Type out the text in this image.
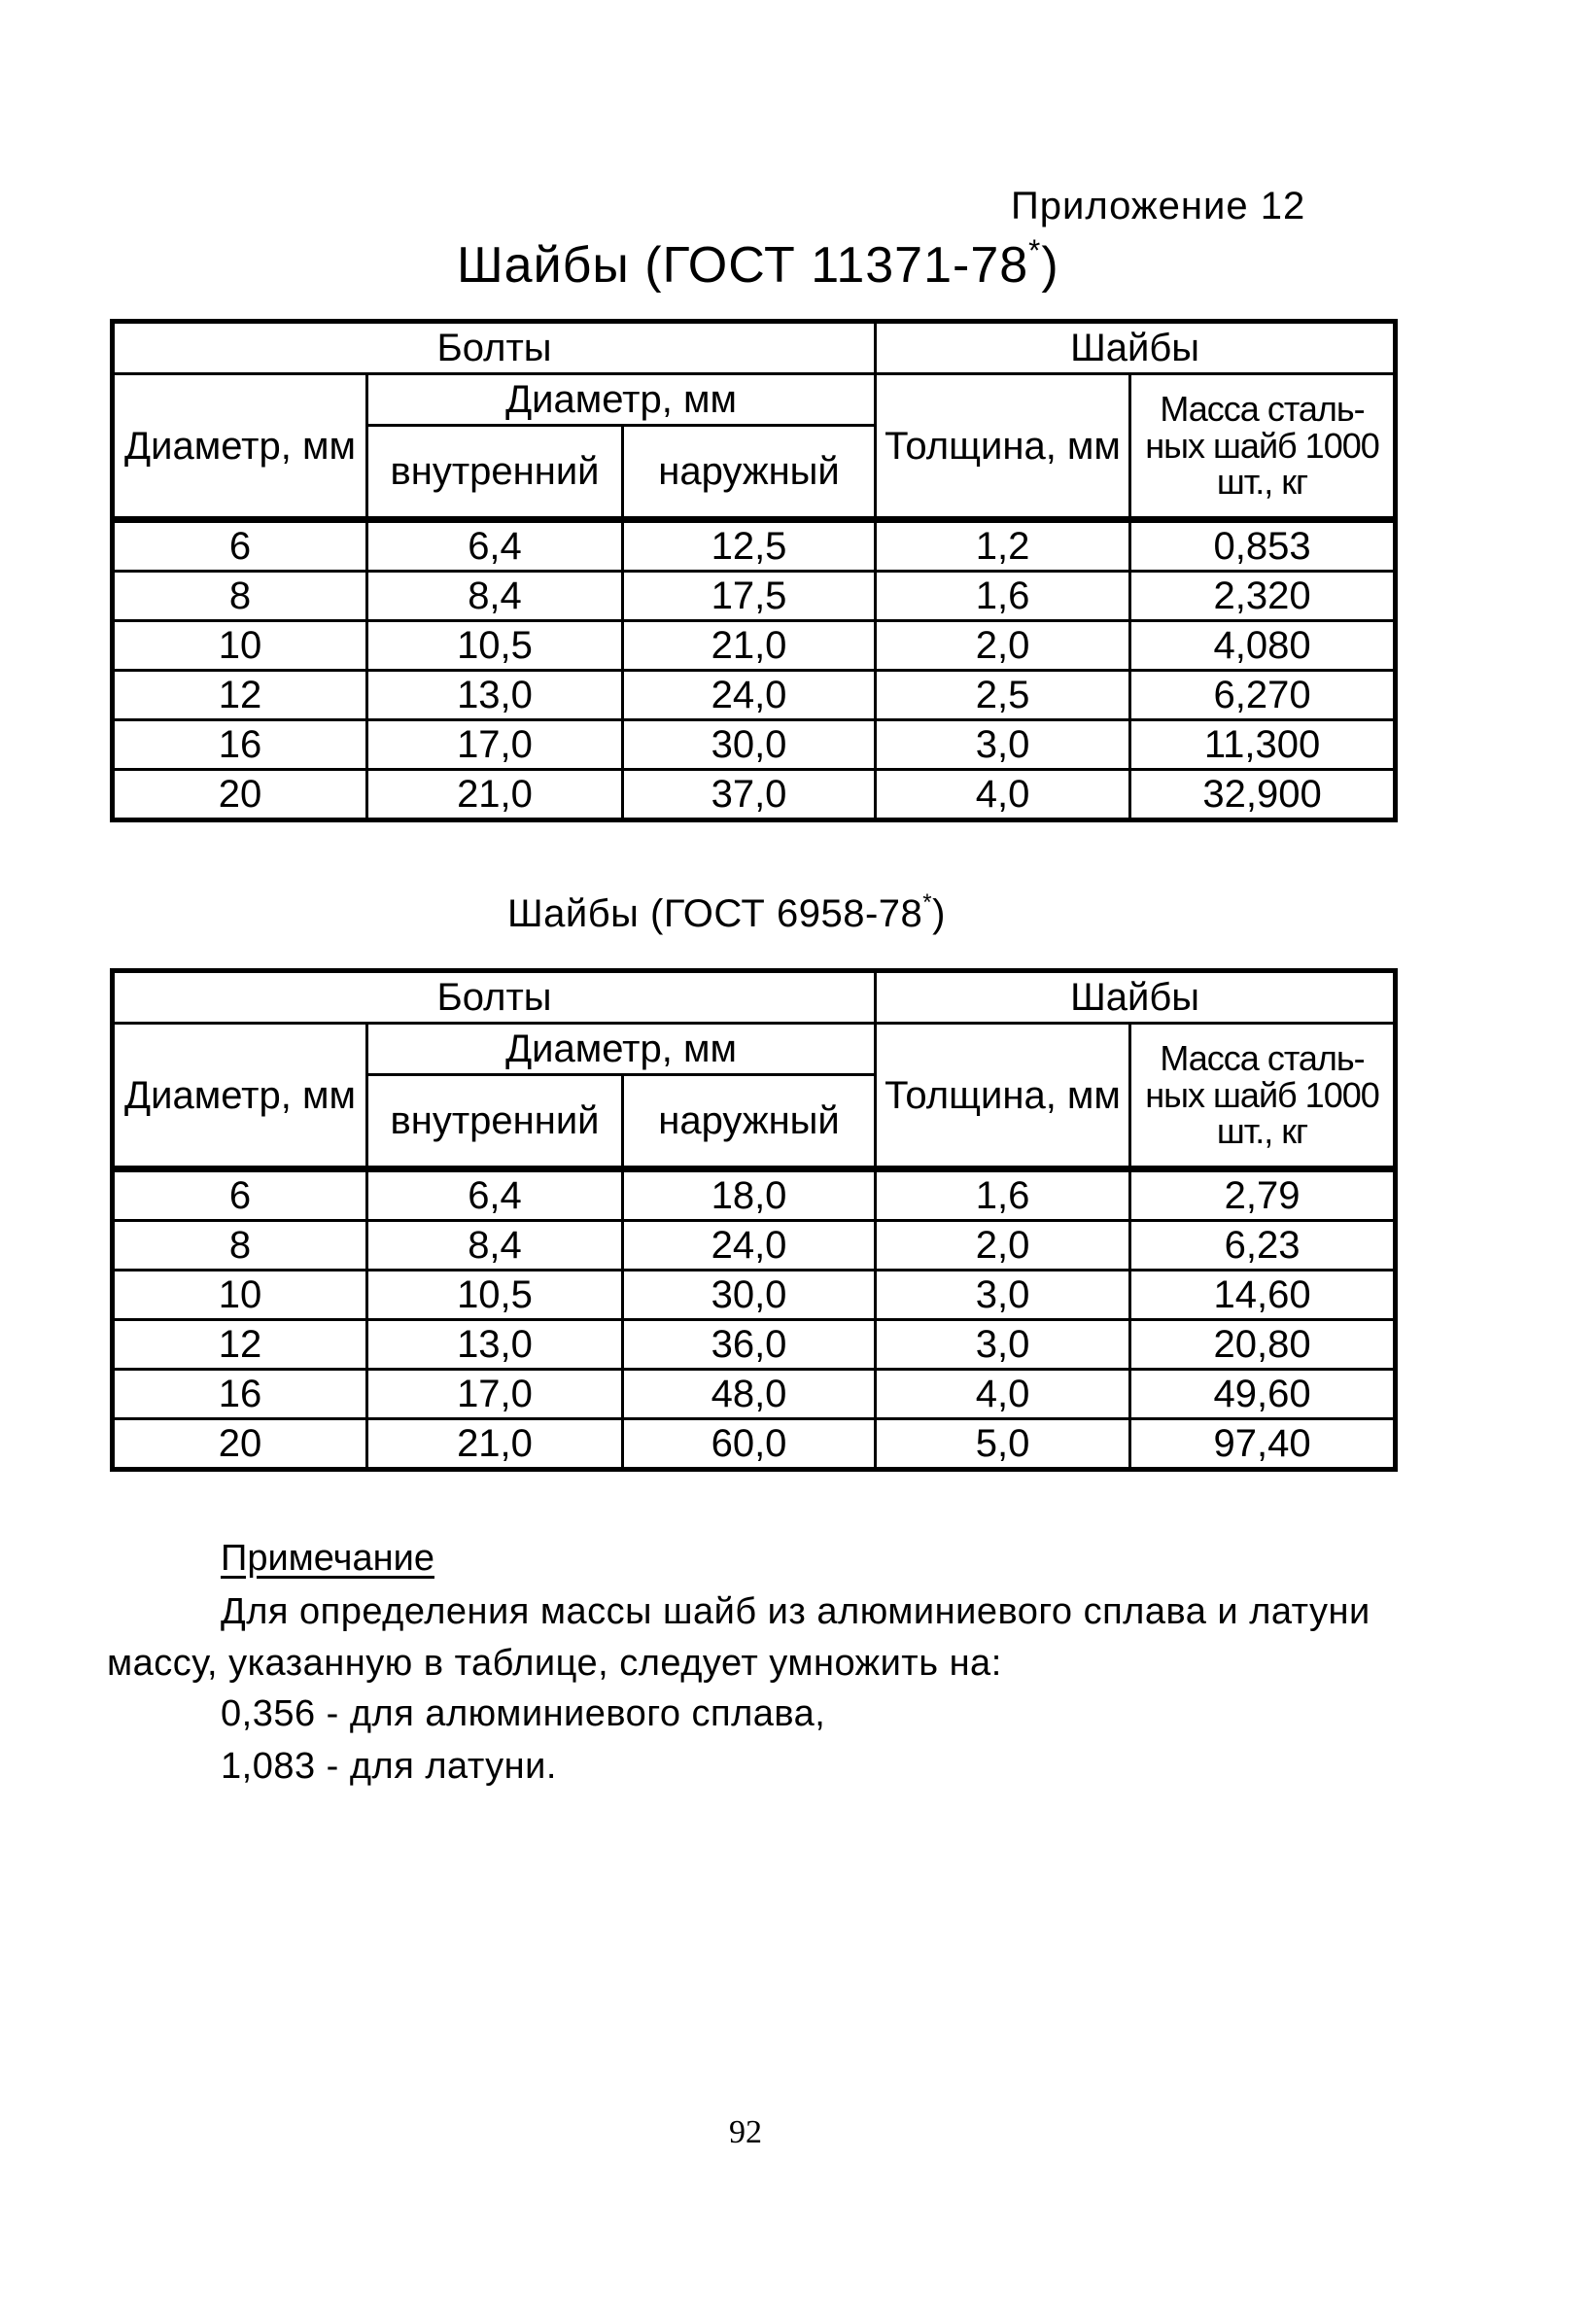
Приложение 12
Шайбы (ГОСТ 11371-78*)
Болты			Шайбы	
Диаметр, мм	Диаметр, мм		Толщина, мм	Масса сталь-ных шайб 1000 шт., кг
	внутренний	наружный		
6	6,4	12,5	1,2	0,853
8	8,4	17,5	1,6	2,320
10	10,5	21,0	2,0	4,080
12	13,0	24,0	2,5	6,270
16	17,0	30,0	3,0	11,300
20	21,0	37,0	4,0	32,900
Шайбы (ГОСТ 6958-78*)
Болты			Шайбы	
Диаметр, мм	Диаметр, мм		Толщина, мм	Масса сталь-ных шайб 1000 шт., кг
	внутренний	наружный		
6	6,4	18,0	1,6	2,79
8	8,4	24,0	2,0	6,23
10	10,5	30,0	3,0	14,60
12	13,0	36,0	3,0	20,80
16	17,0	48,0	4,0	49,60
20	21,0	60,0	5,0	97,40
Примечание
Для определения массы шайб из алюминиевого сплава и латуни массу, указанную в таблице, следует умножить на:
0,356 - для алюминиевого сплава,
1,083 - для латуни.
92
